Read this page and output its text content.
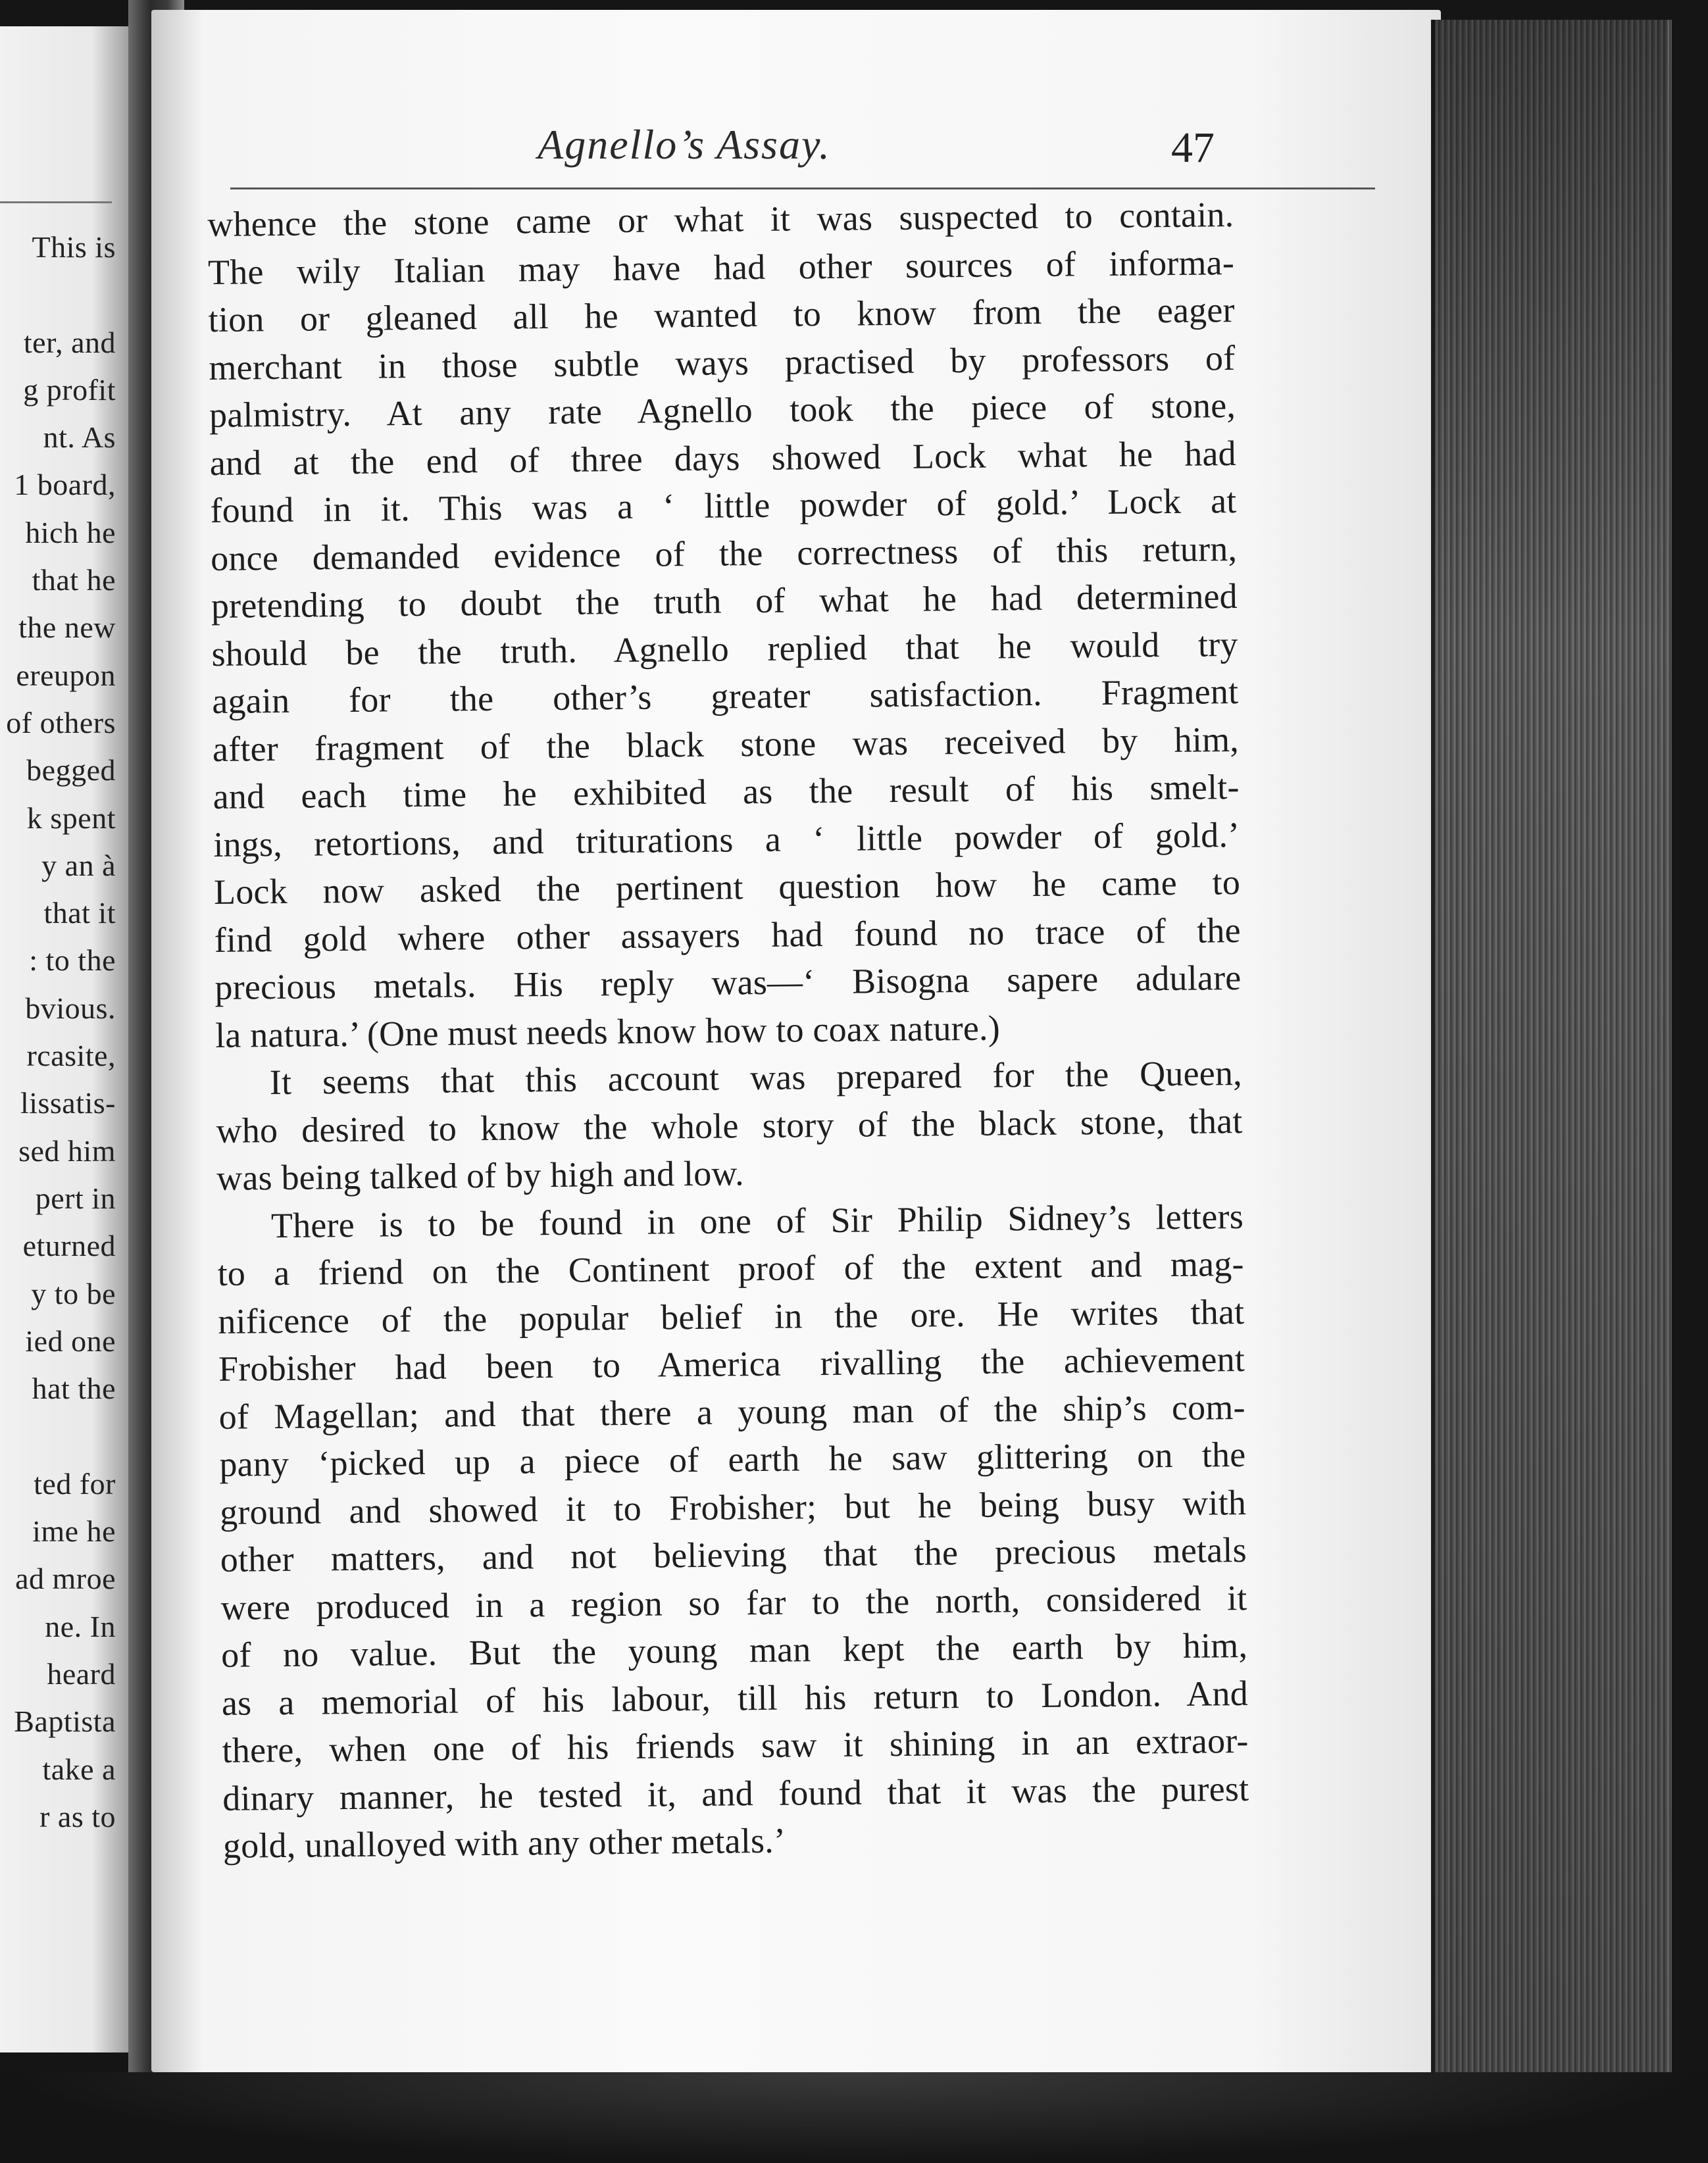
This is
ter, and
g profit
nt. As
1 board,
hich he
that he
the new
ereupon
of others
begged
k spent
y an à
that it
: to the
bvious.
rcasite,
lissatis-
sed him
pert in
eturned
y to be
ied one
hat the
ted for
ime he
ad mroe
ne. In
heard
Baptista
take a
r as to
Agnello’s Assay.	47
whence the stone came or what it was suspected to contain.
The wily Italian may have had other sources of informa-
tion or gleaned all he wanted to know from the eager
merchant in those subtle ways practised by professors of
palmistry. At any rate Agnello took the piece of stone,
and at the end of three days showed Lock what he had
found in it. This was a ‘ little powder of gold.’ Lock at
once demanded evidence of the correctness of this return,
pretending to doubt the truth of what he had determined
should be the truth. Agnello replied that he would try
again for the other’s greater satisfaction. Fragment
after fragment of the black stone was received by him,
and each time he exhibited as the result of his smelt-
ings, retortions, and triturations a ‘ little powder of gold.’
Lock now asked the pertinent question how he came to
find gold where other assayers had found no trace of the
precious metals. His reply was—‘ Bisogna sapere adulare
la natura.’ (One must needs know how to coax nature.)
It seems that this account was prepared for the Queen,
who desired to know the whole story of the black stone, that
was being talked of by high and low.
There is to be found in one of Sir Philip Sidney’s letters
to a friend on the Continent proof of the extent and mag-
nificence of the popular belief in the ore. He writes that
Frobisher had been to America rivalling the achievement
of Magellan; and that there a young man of the ship’s com-
pany ‘picked up a piece of earth he saw glittering on the
ground and showed it to Frobisher; but he being busy with
other matters, and not believing that the precious metals
were produced in a region so far to the north, considered it
of no value. But the young man kept the earth by him,
as a memorial of his labour, till his return to London. And
there, when one of his friends saw it shining in an extraor-
dinary manner, he tested it, and found that it was the purest
gold, unalloyed with any other metals.’
